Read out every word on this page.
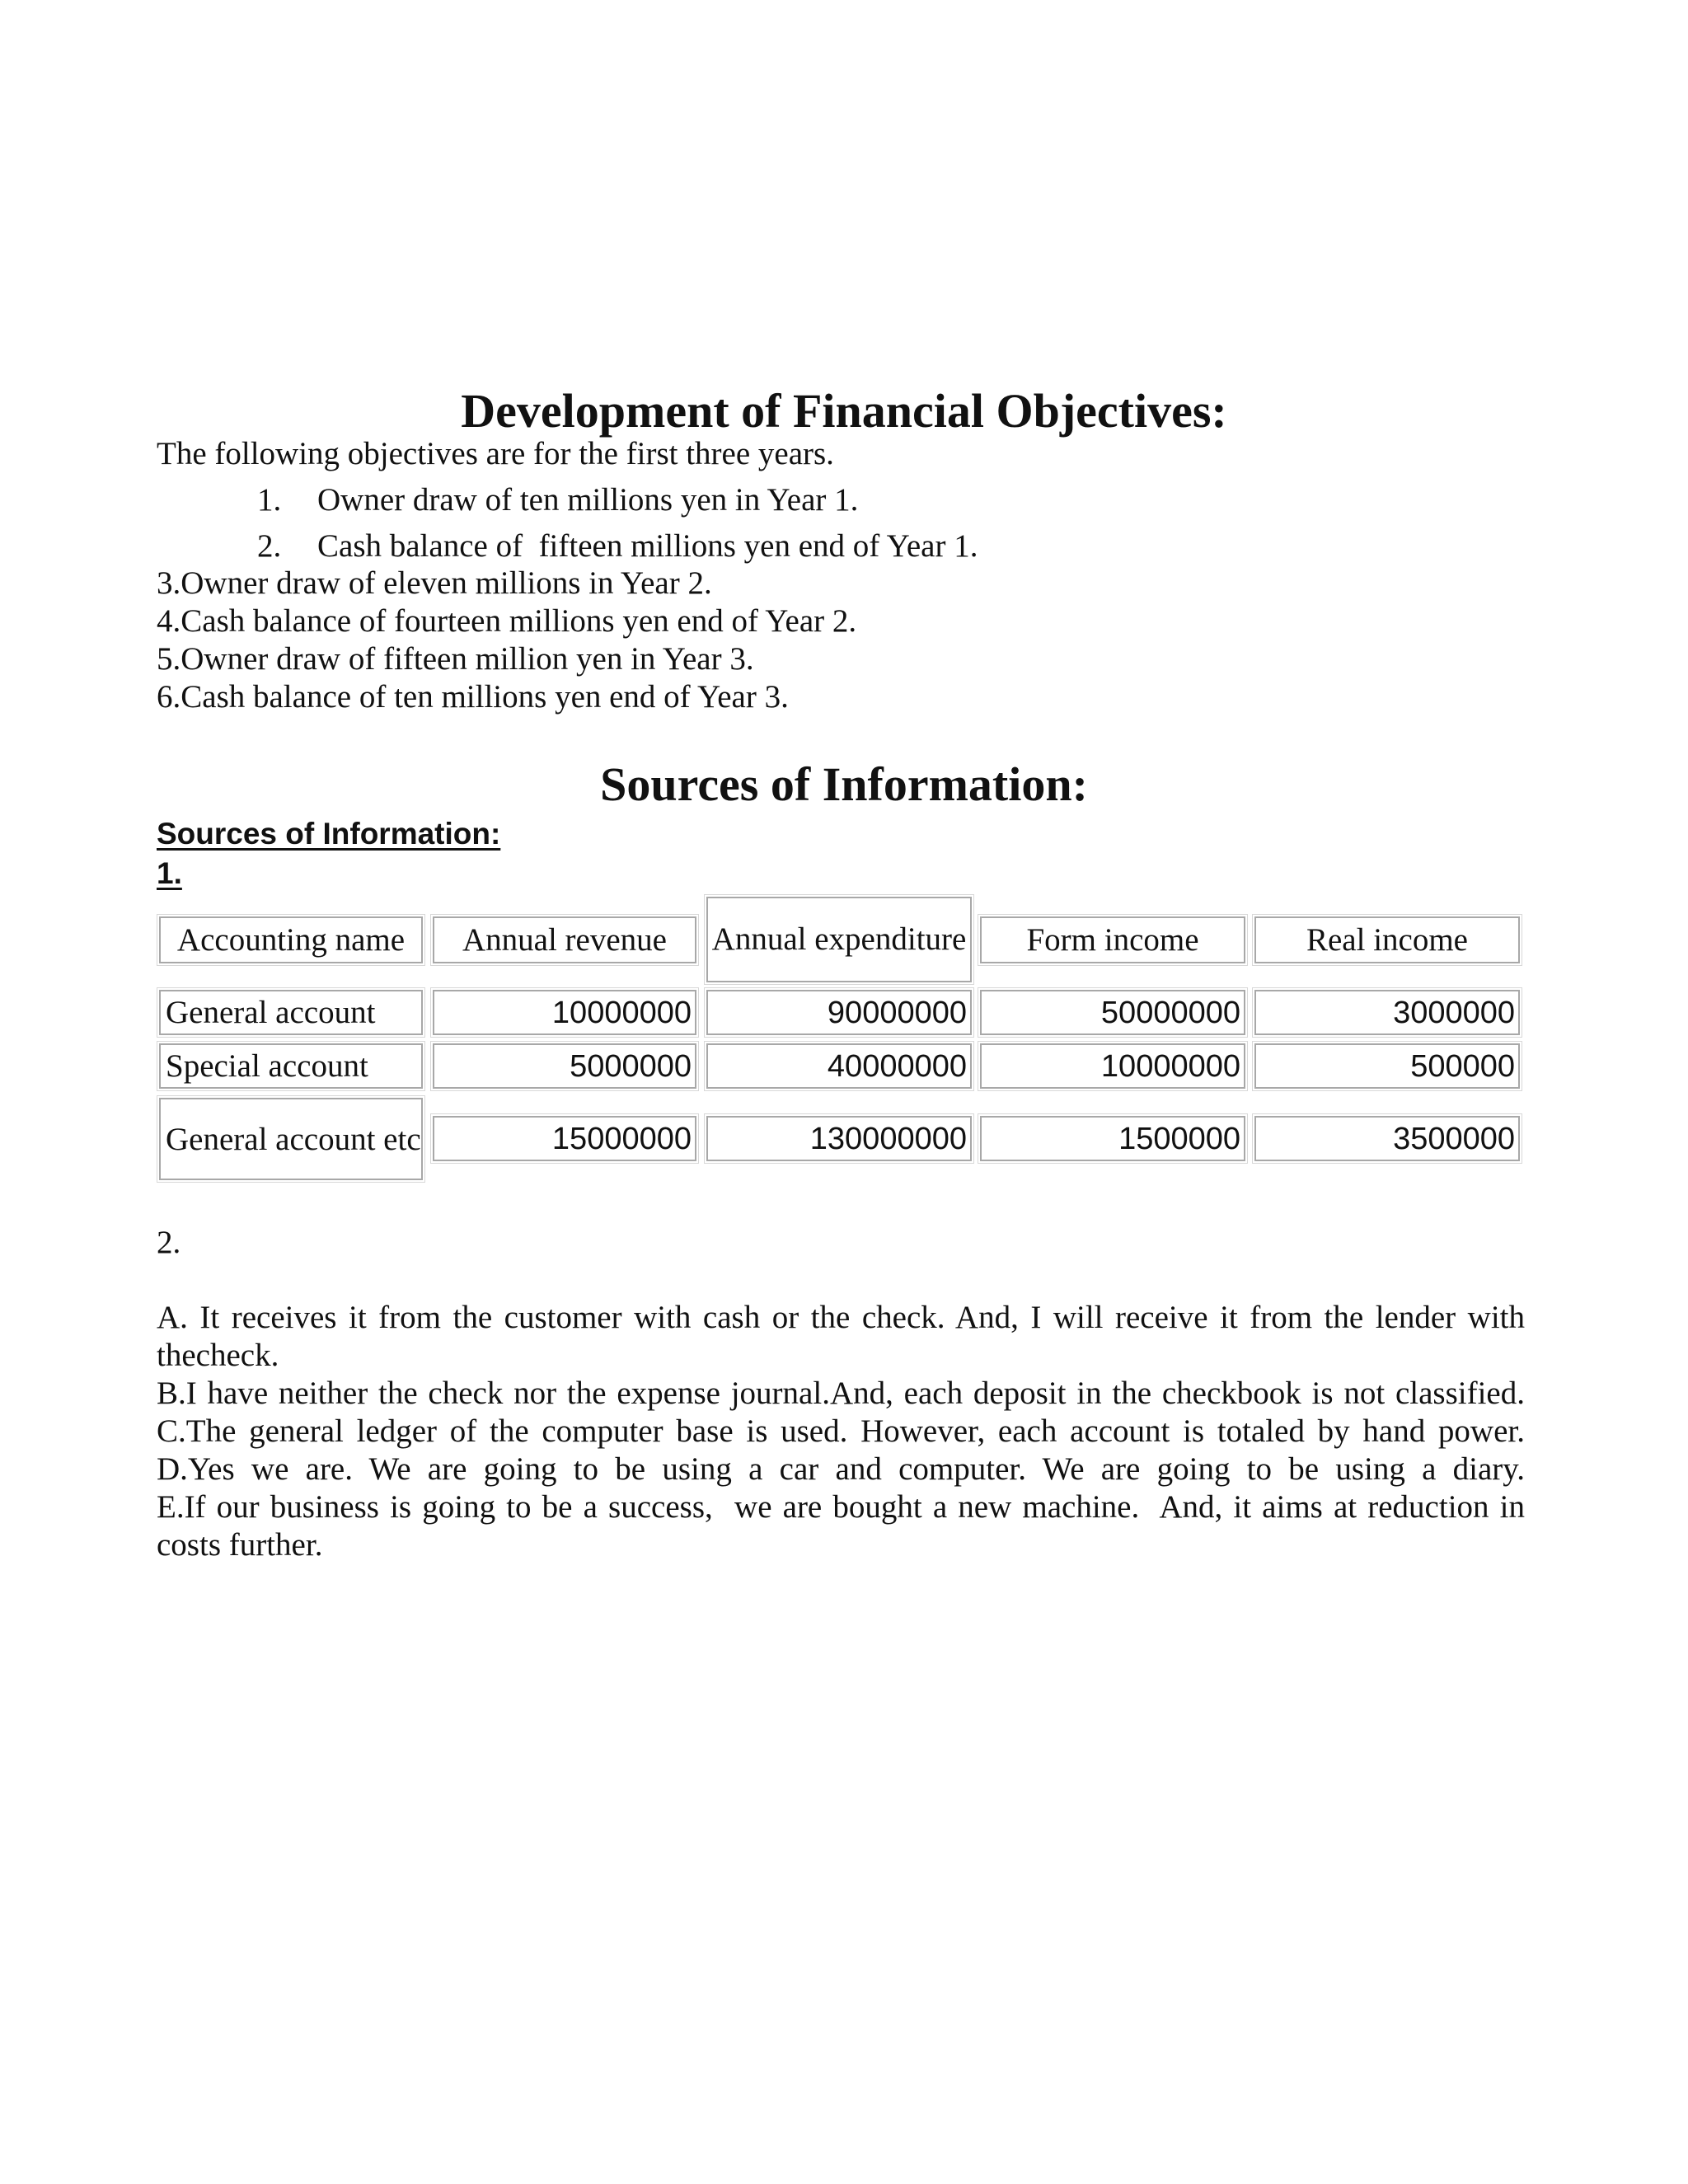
Development of Financial Objectives:
The following objectives are for the first three years.
1. Owner draw of ten millions yen in Year 1.
2. Cash balance of  fifteen millions yen end of Year 1.
3.Owner draw of eleven millions in Year 2.
4.Cash balance of fourteen millions yen end of Year 2.
5.Owner draw of fifteen million yen in Year 3.
6.Cash balance of ten millions yen end of Year 3.
Sources of Information:
Sources of Information:
1.
Accounting name	Annual revenue	Annual expenditure	Form income	Real income
General account	10000000	90000000	50000000	3000000
Special account	5000000	40000000	10000000	500000
General account etc	15000000	130000000	1500000	3500000
2.
A. It receives it from the customer with cash or the check. And, I will receive it from the lender with
thecheck.
B.I have neither the check nor the expense journal.And, each deposit in the checkbook is not classified.
C.The general ledger of the computer base is used. However, each account is totaled by hand power.
D.Yes we are. We are going to be using a car and computer. We are going to be using a diary.
E.If our business is going to be a success,  we are bought a new machine.  And, it aims at reduction in
costs further.
